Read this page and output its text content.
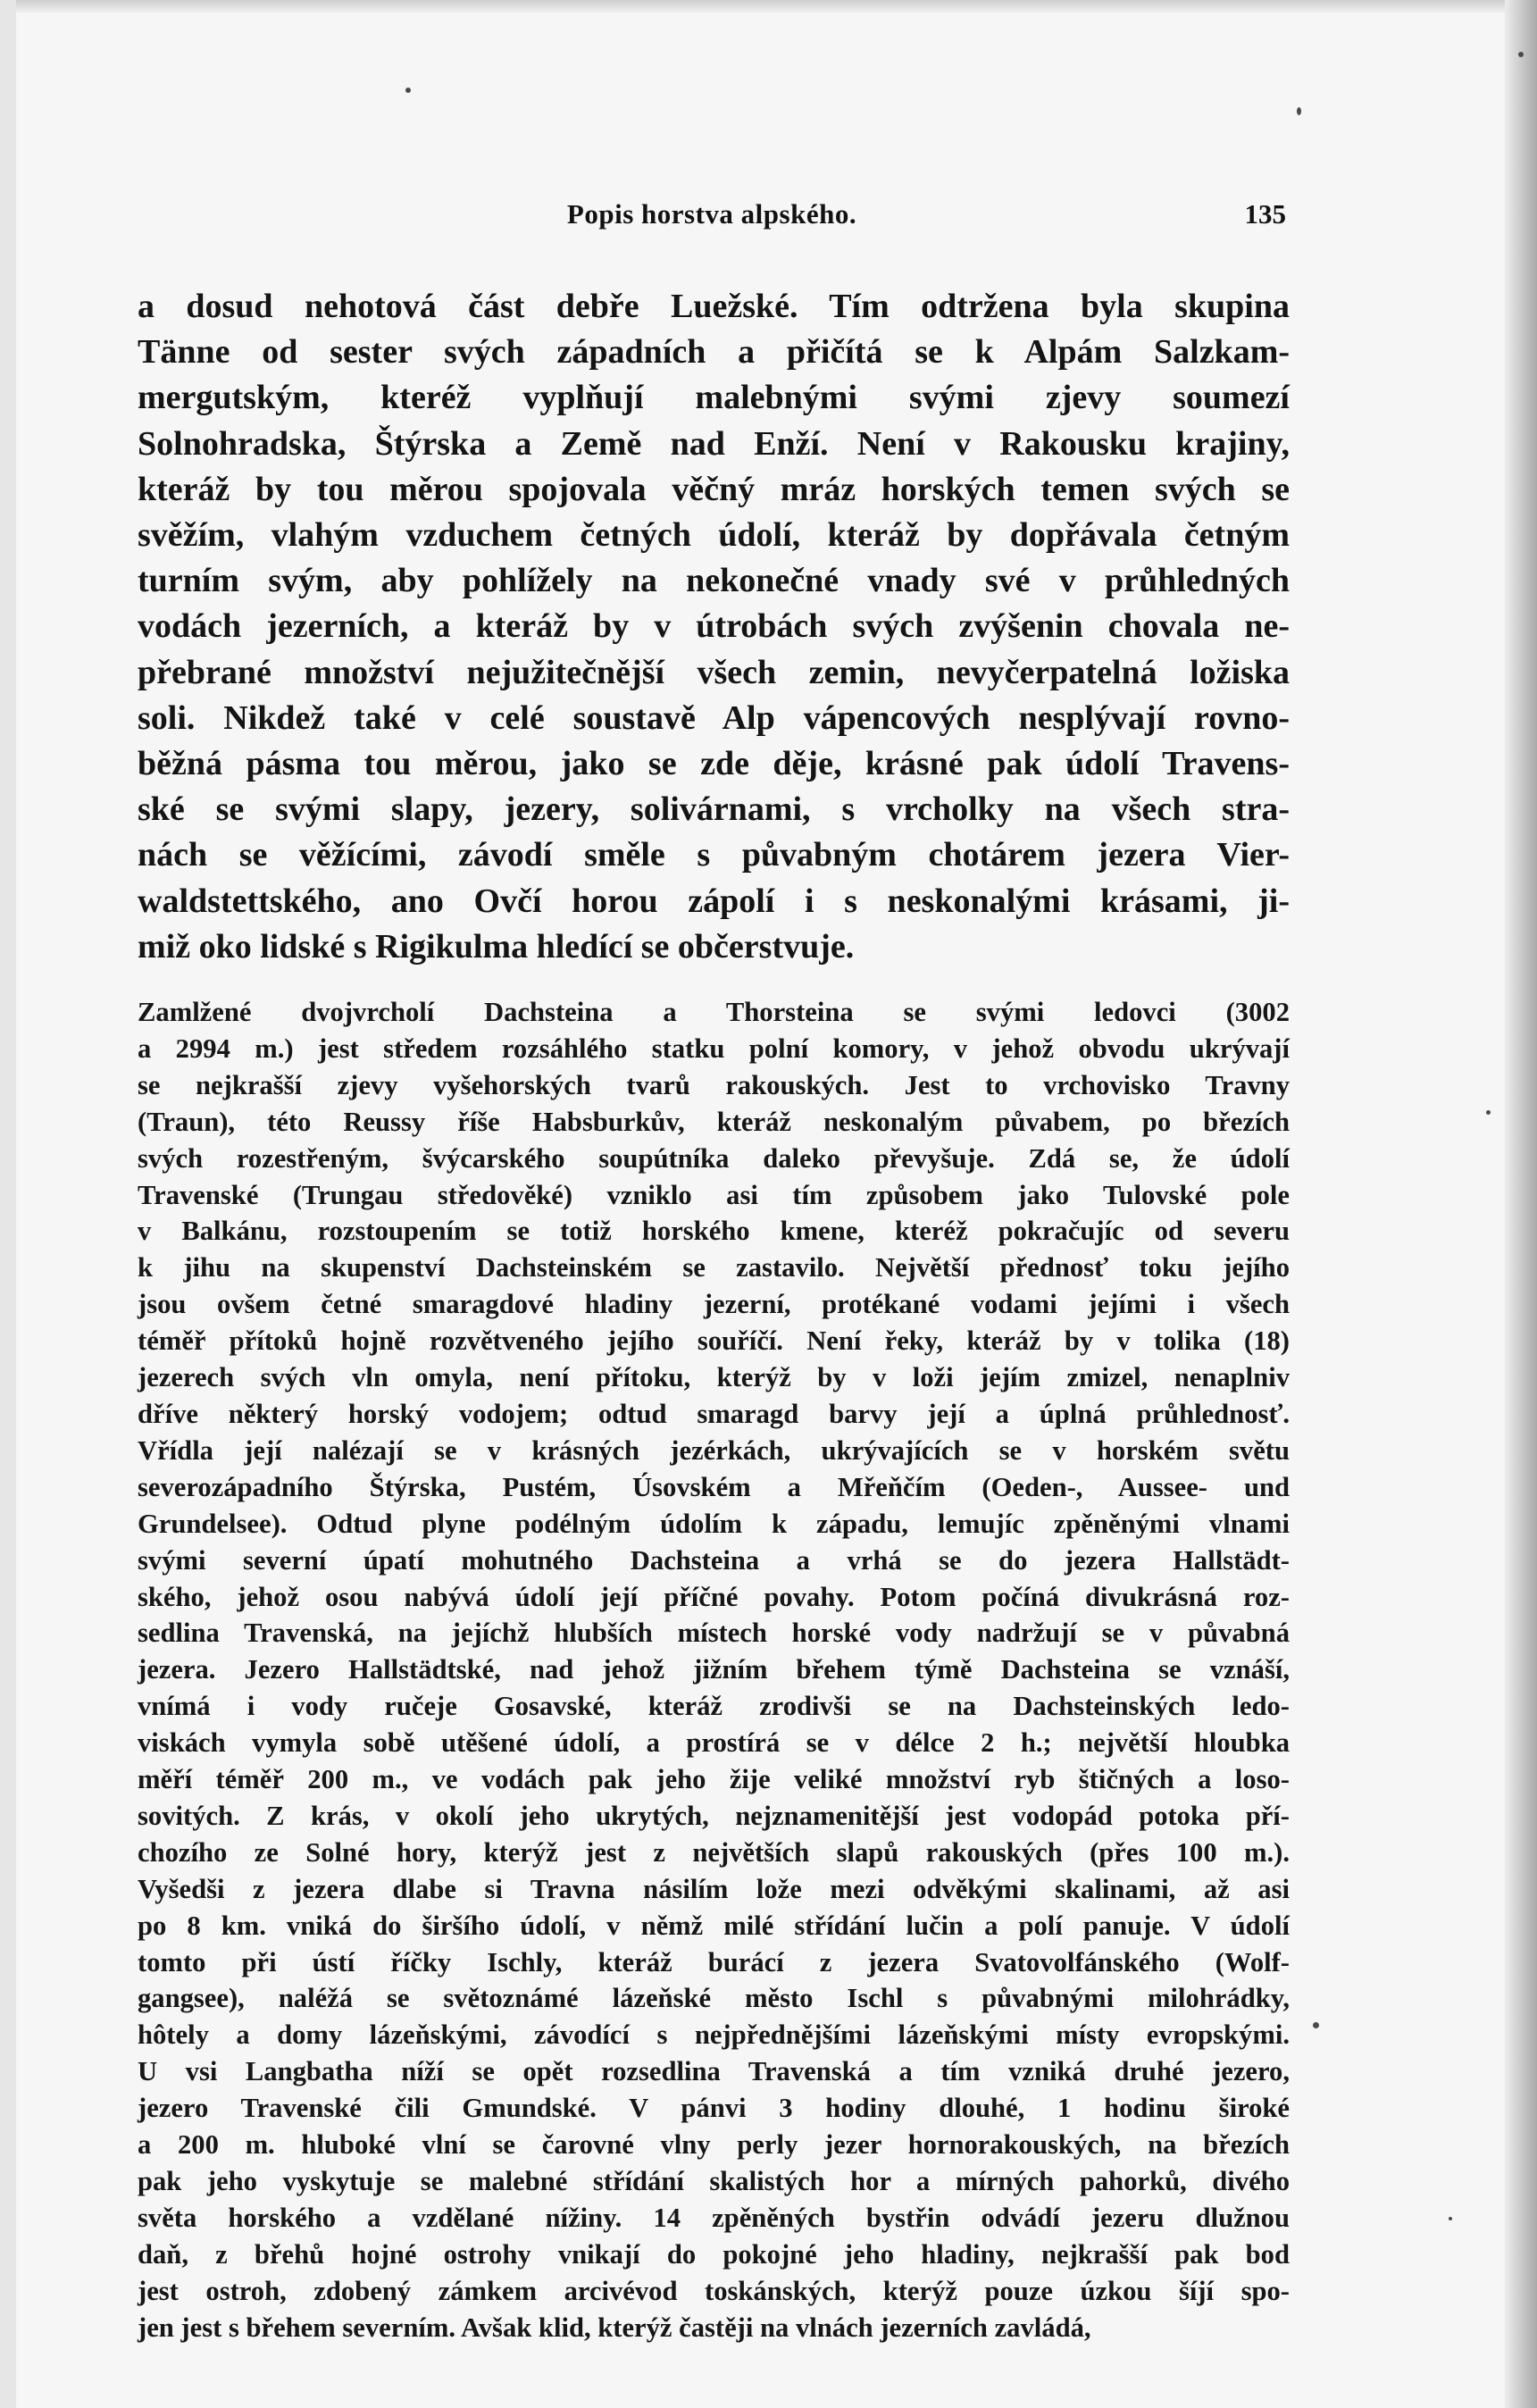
Popis horstva alpského.	135
a dosud nehotová část debře Luežské. Tím odtržena byla skupina
Tänne od sester svých západních a přičítá se k Alpám Salzkam-
mergutským, kteréž vyplňují malebnými svými zjevy soumezí
Solnohradska, Štýrska a Země nad Enží. Není v Rakousku krajiny,
kteráž by tou měrou spojovala věčný mráz horských temen svých se
svěžím, vlahým vzduchem četných údolí, kteráž by dopřávala četným
turním svým, aby pohlížely na nekonečné vnady své v průhledných
vodách jezerních, a kteráž by v útrobách svých zvýšenin chovala ne-
přebrané množství nejužitečnější všech zemin, nevyčerpatelná ložiska
soli. Nikdež také v celé soustavě Alp vápencových nesplývají rovno-
běžná pásma tou měrou, jako se zde děje, krásné pak údolí Travens-
ské se svými slapy, jezery, solivárnami, s vrcholky na všech stra-
nách se věžícími, závodí směle s půvabným chotárem jezera Vier-
waldstettského, ano Ovčí horou zápolí i s neskonalými krásami, ji-
miž oko lidské s Rigikulma hledící se občerstvuje.
Zamlžené dvojvrcholí Dachsteina a Thorsteina se svými ledovci (3002
a 2994 m.) jest středem rozsáhlého statku polní komory, v jehož obvodu ukrývají
se nejkrašší zjevy vyšehorských tvarů rakouských. Jest to vrchovisko Travny
(Traun), této Reussy říše Habsburkův, kteráž neskonalým půvabem, po březích
svých rozestřeným, švýcarského soupútníka daleko převyšuje. Zdá se, že údolí
Travenské (Trungau středověké) vzniklo asi tím způsobem jako Tulovské pole
v Balkánu, rozstoupením se totiž horského kmene, kteréž pokračujíc od severu
k jihu na skupenství Dachsteinském se zastavilo. Největší přednosť toku jejího
jsou ovšem četné smaragdové hladiny jezerní, protékané vodami jejími i všech
téměř přítoků hojně rozvětveného jejího souříčí. Není řeky, kteráž by v tolika (18)
jezerech svých vln omyla, není přítoku, kterýž by v loži jejím zmizel, nenaplniv
dříve některý horský vodojem; odtud smaragd barvy její a úplná průhlednosť.
Vřídla její nalézají se v krásných jezérkách, ukrývajících se v horském světu
severozápadního Štýrska, Pustém, Úsovském a Mřeňčím (Oeden-, Aussee- und
Grundelsee). Odtud plyne podélným údolím k západu, lemujíc zpěněnými vlnami
svými severní úpatí mohutného Dachsteina a vrhá se do jezera Hallstädt-
ského, jehož osou nabývá údolí její příčné povahy. Potom počíná divukrásná roz-
sedlina Travenská, na jejíchž hlubších místech horské vody nadržují se v půvabná
jezera. Jezero Hallstädtské, nad jehož jižním břehem týmě Dachsteina se vznáší,
vnímá i vody ručeje Gosavské, kteráž zrodivši se na Dachsteinských ledo-
viskách vymyla sobě utěšené údolí, a prostírá se v délce 2 h.; největší hloubka
měří téměř 200 m., ve vodách pak jeho žije veliké množství ryb štičných a loso-
sovitých. Z krás, v okolí jeho ukrytých, nejznamenitější jest vodopád potoka pří-
chozího ze Solné hory, kterýž jest z největších slapů rakouských (přes 100 m.).
Vyšedši z jezera dlabe si Travna násilím lože mezi odvěkými skalinami, až asi
po 8 km. vniká do širšího údolí, v němž milé střídání lučin a polí panuje. V údolí
tomto při ústí říčky Ischly, kteráž burácí z jezera Svatovolfánského (Wolf-
gangsee), naléžá se světoznámé lázeňské město Ischl s půvabnými milohrádky,
hôtely a domy lázeňskými, závodící s nejpřednějšími lázeňskými místy evropskými.
U vsi Langbatha níží se opět rozsedlina Travenská a tím vzniká druhé jezero,
jezero Travenské čili Gmundské. V pánvi 3 hodiny dlouhé, 1 hodinu široké
a 200 m. hluboké vlní se čarovné vlny perly jezer hornorakouských, na březích
pak jeho vyskytuje se malebné střídání skalistých hor a mírných pahorků, divého
světa horského a vzdělané nížiny. 14 zpěněných bystřin odvádí jezeru dlužnou
daň, z břehů hojné ostrohy vnikají do pokojné jeho hladiny, nejkrašší pak bod
jest ostroh, zdobený zámkem arcivévod toskánských, kterýž pouze úzkou šíjí spo-
jen jest s břehem severním. Avšak klid, kterýž častěji na vlnách jezerních zavládá,
